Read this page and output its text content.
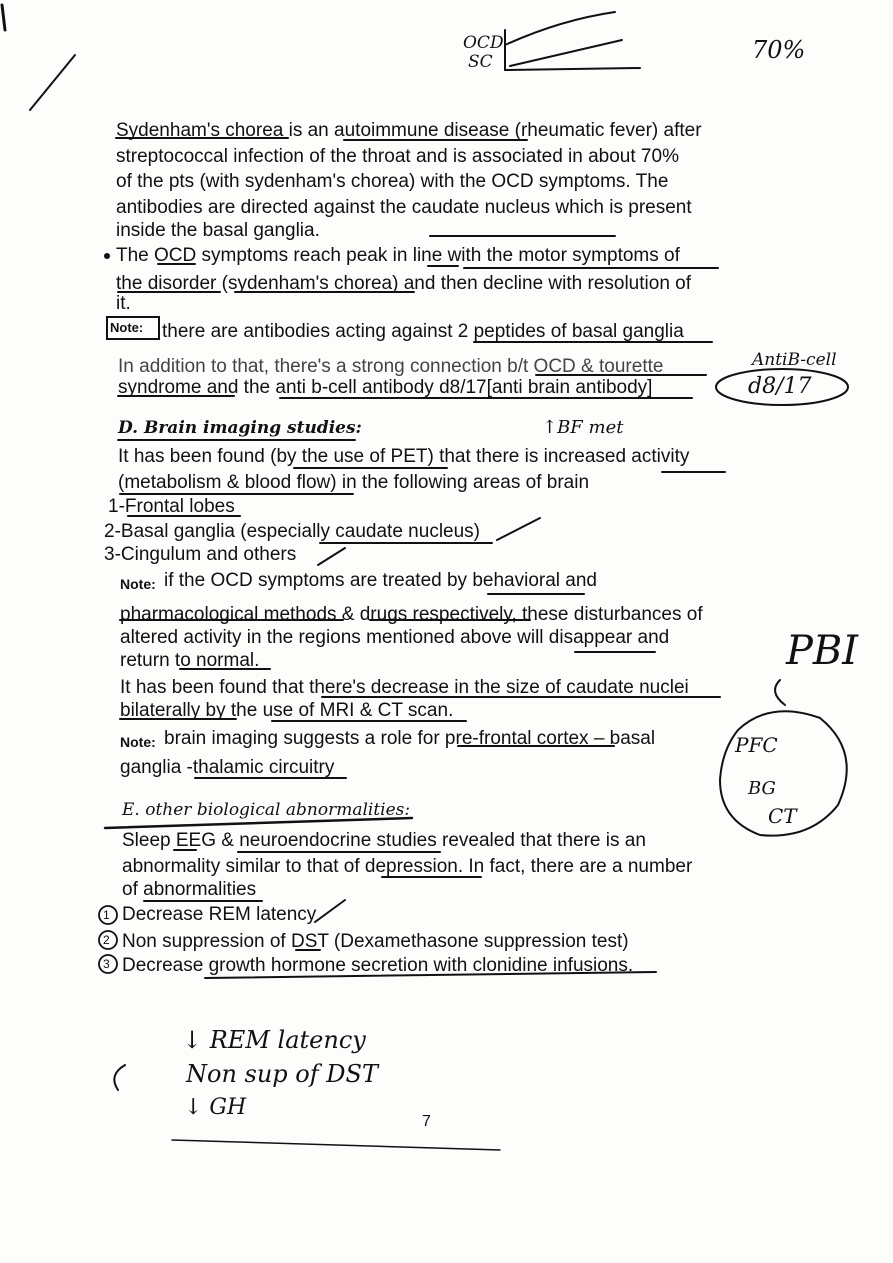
OCD
SC	70%
AntiB-cell
d8/17
↑BF met
PBI
PFC
BG
CT
↓ REM latency
Non sup of DST
↓ GH
Sydenham's chorea is an autoimmune disease (rheumatic fever) after
streptococcal infection of the throat and is associated in about 70%
of the pts (with sydenham's chorea) with the OCD symptoms. The
antibodies are directed against the caudate nucleus which is present
inside the basal ganglia.
The OCD symptoms reach peak in line with the motor symptoms of
the disorder (sydenham's chorea) and then decline with resolution of
it.
Note: there are antibodies acting against 2 peptides of basal ganglia
In addition to that, there's a strong connection b/t OCD & tourette
syndrome and the anti b-cell antibody d8/17[anti brain antibody]
D. Brain imaging studies:
It has been found (by the use of PET) that there is increased activity
(metabolism & blood flow) in the following areas of brain
1-Frontal lobes
2-Basal ganglia (especially caudate nucleus)
3-Cingulum and others
Note: if the OCD symptoms are treated by behavioral and
pharmacological methods & drugs respectively, these disturbances of
altered activity in the regions mentioned above will disappear and
return to normal.
It has been found that there's decrease in the size of caudate nuclei
bilaterally by the use of MRI & CT scan.
Note: brain imaging suggests a role for pre-frontal cortex – basal
ganglia -thalamic circuitry
E. other biological abnormalities:
Sleep EEG & neuroendocrine studies revealed that there is an
abnormality similar to that of depression. In fact, there are a number
of abnormalities
1 Decrease REM latency
2 Non suppression of DST (Dexamethasone suppression test)
3 Decrease growth hormone secretion with clonidine infusions.
7
